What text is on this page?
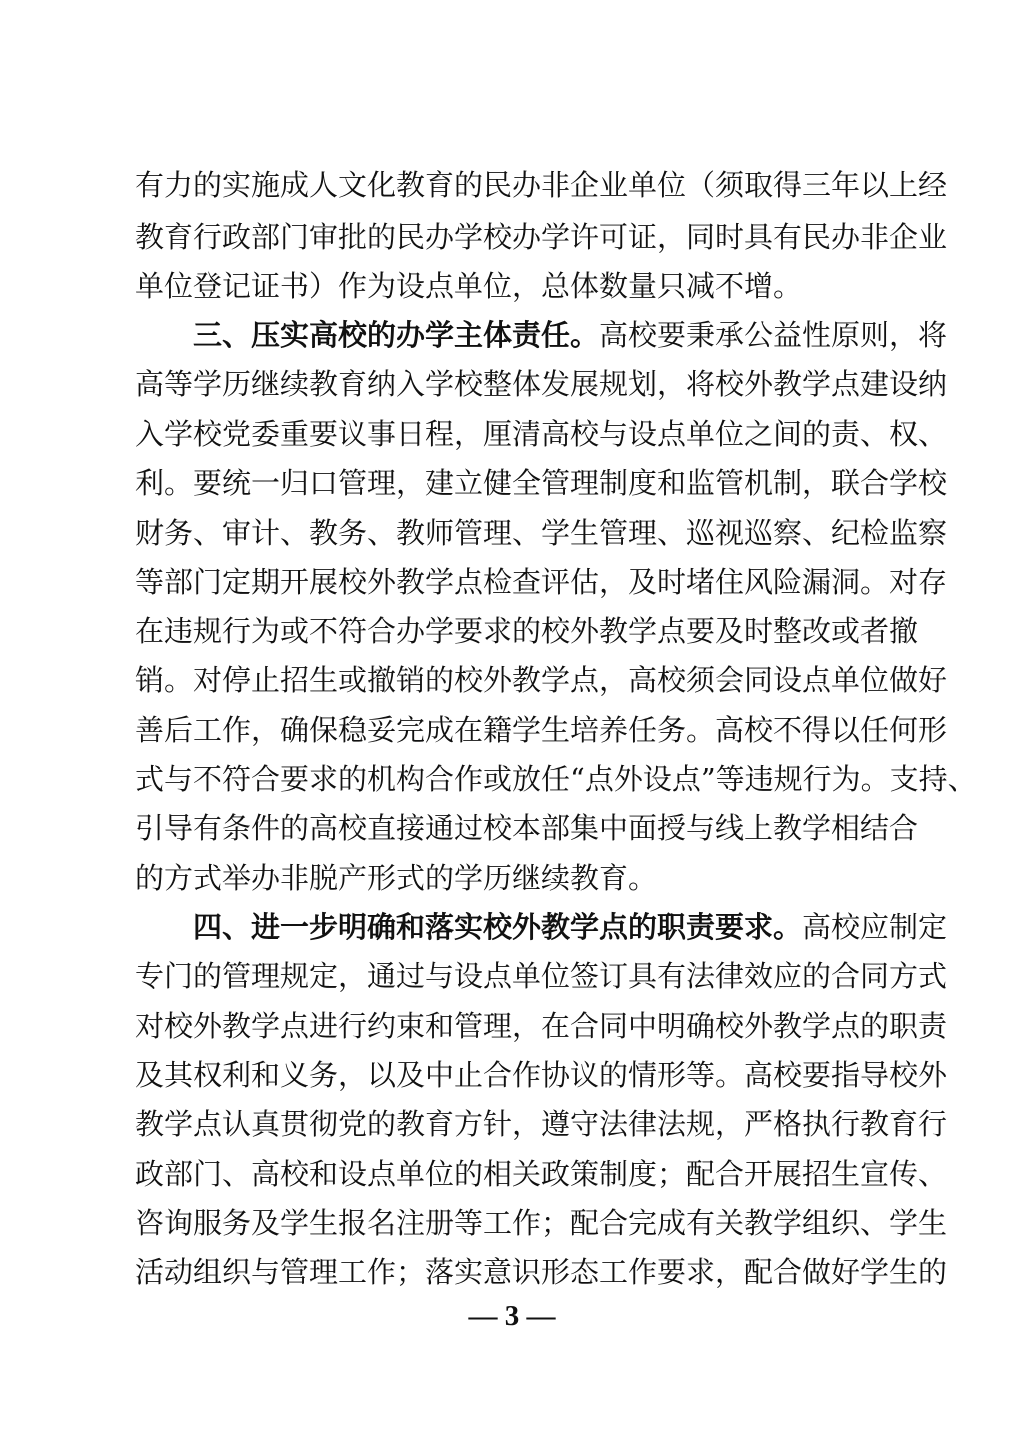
有力的实施成人文化教育的民办非企业单位（须取得三年以上经
教育行政部门审批的民办学校办学许可证，同时具有民办非企业
单位登记证书）作为设点单位，总体数量只减不增。
三、压实高校的办学主体责任。高校要秉承公益性原则，将
高等学历继续教育纳入学校整体发展规划，将校外教学点建设纳
入学校党委重要议事日程，厘清高校与设点单位之间的责、权、
利。要统一归口管理，建立健全管理制度和监管机制，联合学校
财务、审计、教务、教师管理、学生管理、巡视巡察、纪检监察
等部门定期开展校外教学点检查评估，及时堵住风险漏洞。对存
在违规行为或不符合办学要求的校外教学点要及时整改或者撤
销。对停止招生或撤销的校外教学点，高校须会同设点单位做好
善后工作，确保稳妥完成在籍学生培养任务。高校不得以任何形
式与不符合要求的机构合作或放任“点外设点”等违规行为。支持、
引导有条件的高校直接通过校本部集中面授与线上教学相结合
的方式举办非脱产形式的学历继续教育。
四、进一步明确和落实校外教学点的职责要求。高校应制定
专门的管理规定，通过与设点单位签订具有法律效应的合同方式
对校外教学点进行约束和管理，在合同中明确校外教学点的职责
及其权利和义务，以及中止合作协议的情形等。高校要指导校外
教学点认真贯彻党的教育方针，遵守法律法规，严格执行教育行
政部门、高校和设点单位的相关政策制度；配合开展招生宣传、
咨询服务及学生报名注册等工作；配合完成有关教学组织、学生
活动组织与管理工作；落实意识形态工作要求，配合做好学生的
— 3 —
